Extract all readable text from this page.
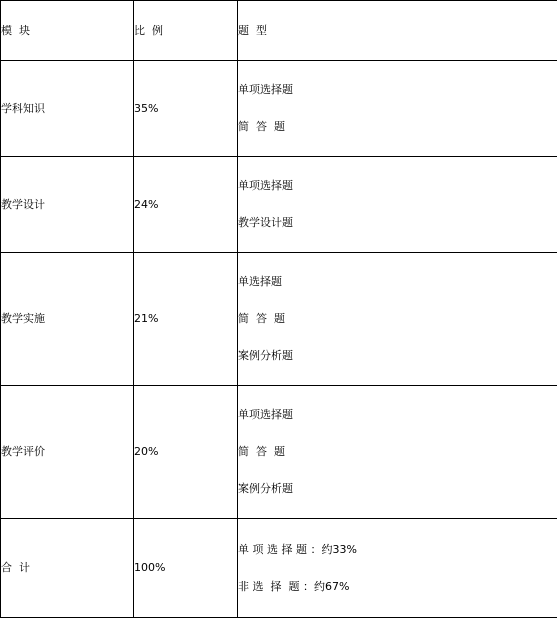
模  块	比  例	题  型
学科知识	35%	单项选择题
简  答  题

教学设计	24%	单项选择题
教学设计题

教学实施	21%	单选择题
简  答  题
案例分析题

教学评价	20%	单项选择题
简  答  题
案例分析题

合  计	100%	单 项 选 择 题 ：约33%
非 选  择  题 ：约67%
